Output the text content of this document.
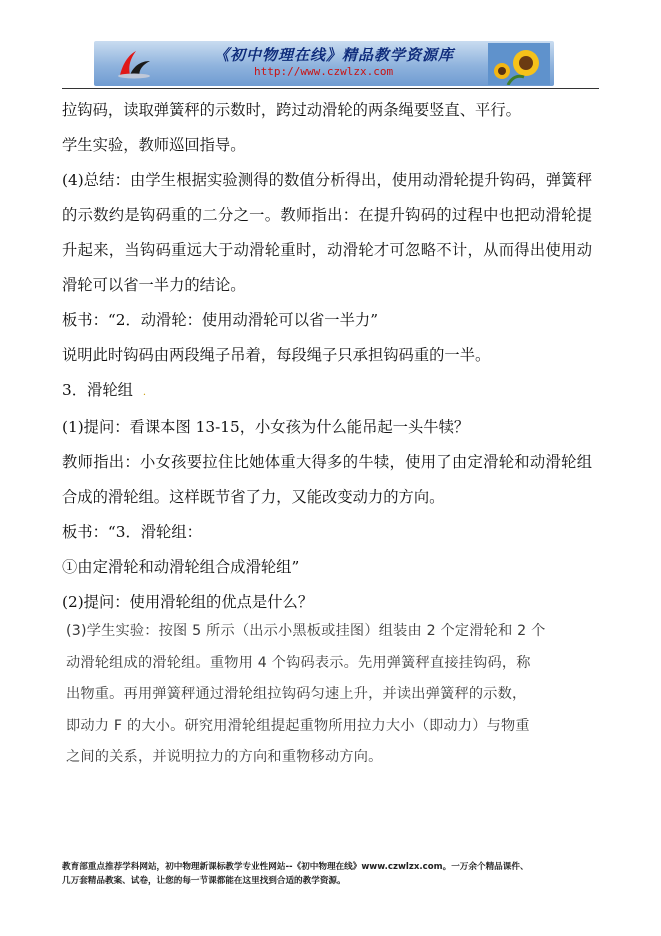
《初中物理在线》精品教学资源库
http://www.czwlzx.com

拉钩码，读取弹簧秤的示数时，跨过动滑轮的两条绳要竖直、平行。

学生实验，教师巡回指导。

(4)总结：由学生根据实验测得的数值分析得出，使用动滑轮提升钩码，弹簧秤的示数约是钩码重的二分之一。教师指出：在提升钩码的过程中也把动滑轮提升起来，当钩码重远大于动滑轮重时，动滑轮才可忽略不计，从而得出使用动滑轮可以省一半力的结论。

板书：“2．动滑轮：使用动滑轮可以省一半力”

说明此时钩码由两段绳子吊着，每段绳子只承担钩码重的一半。

3．滑轮组 .

(1)提问：看课本图 13-15，小女孩为什么能吊起一头牛犊？

教师指出：小女孩要拉住比她体重大得多的牛犊，使用了由定滑轮和动滑轮组合成的滑轮组。这样既节省了力，又能改变动力的方向。

板书：“3．滑轮组：

①由定滑轮和动滑轮组合成滑轮组”

(2)提问：使用滑轮组的优点是什么？

(3)学生实验：按图 5 所示（出示小黑板或挂图）组装由 2 个定滑轮和 2 个

动滑轮组成的滑轮组。重物用 4 个钩码表示。先用弹簧秤直接挂钩码，称

出物重。再用弹簧秤通过滑轮组拉钩码匀速上升，并读出弹簧秤的示数，

即动力 F 的大小。研究用滑轮组提起重物所用拉力大小（即动力）与物重

之间的关系，并说明拉力的方向和重物移动方向。

教育部重点推荐学科网站，初中物理新课标教学专业性网站--《初中物理在线》www.czwlzx.com。一万余个精品课件、

几万套精品教案、试卷，让您的每一节课都能在这里找到合适的教学资源。
